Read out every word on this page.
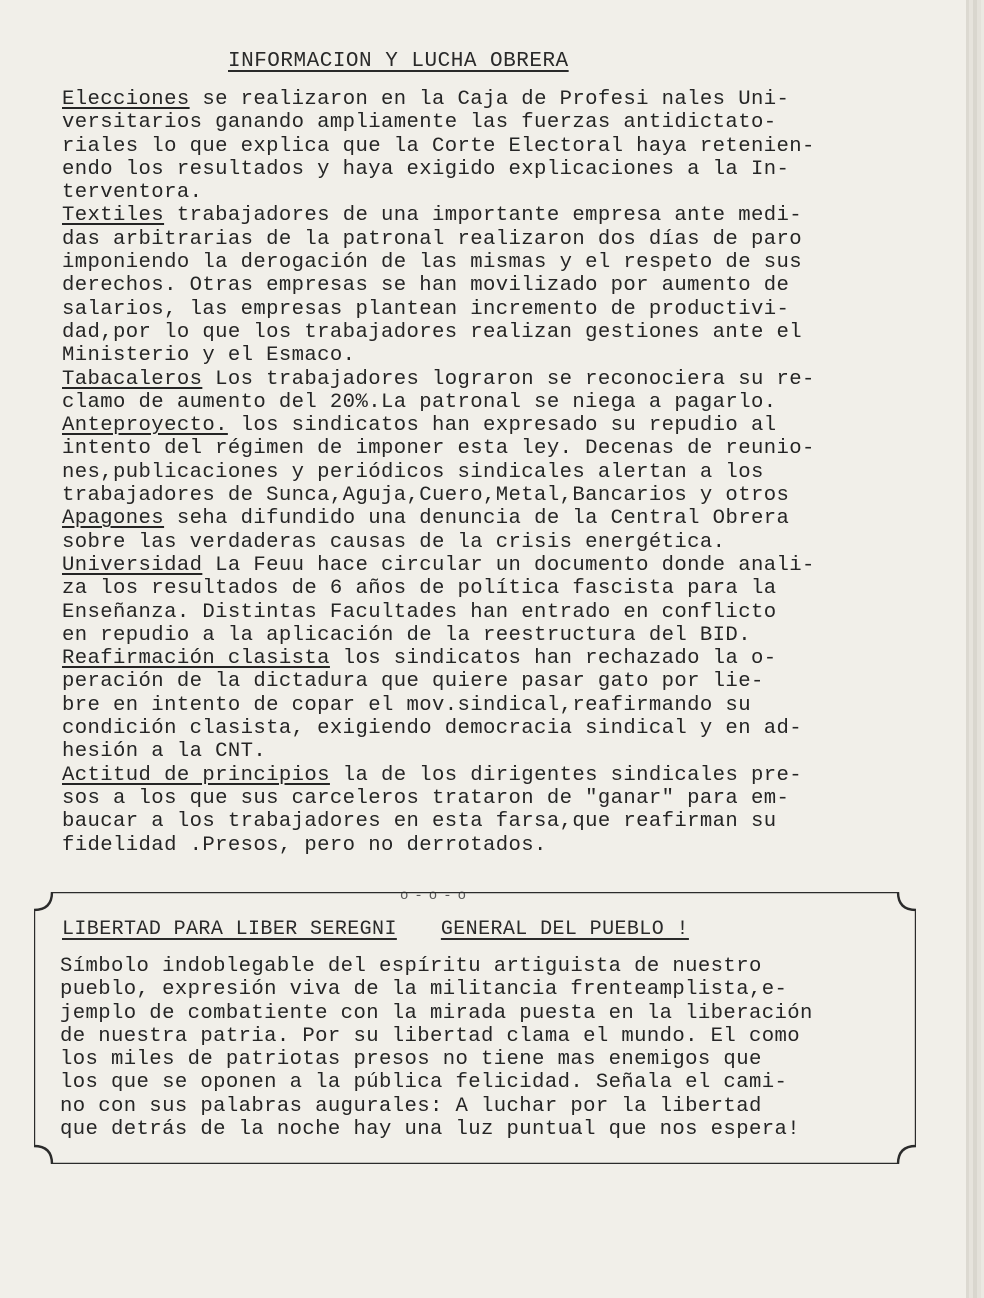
INFORMACION Y LUCHA OBRERA
Elecciones se realizaron en la Caja de Profesi nales Uni-
versitarios ganando ampliamente las fuerzas antidictato-
riales lo que explica que la Corte Electoral haya retenien-
endo los resultados y haya exigido explicaciones a la In-
terventora.
Textiles trabajadores de una importante empresa ante medi-
das arbitrarias de la patronal realizaron dos días de paro
imponiendo la derogación de las mismas y el respeto de sus
derechos. Otras empresas se han movilizado por aumento de
salarios, las empresas plantean incremento de productivi-
dad,por lo que los trabajadores realizan gestiones ante el
Ministerio y el Esmaco.
Tabacaleros Los trabajadores lograron se reconociera su re-
clamo de aumento del 20%.La patronal se niega a pagarlo.
Anteproyecto. los sindicatos han expresado su repudio al
intento del régimen de imponer esta ley. Decenas de reunio-
nes,publicaciones y periódicos sindicales alertan a los
trabajadores de Sunca,Aguja,Cuero,Metal,Bancarios y otros
Apagones seha difundido una denuncia de la Central Obrera
sobre las verdaderas causas de la crisis energética.
Universidad La Feuu hace circular un documento donde anali-
za los resultados de 6 años de política fascista para la
Enseñanza. Distintas Facultades han entrado en conflicto
en repudio a la aplicación de la reestructura del BID.
Reafirmación clasista los sindicatos han rechazado la o-
peración de la dictadura que quiere pasar gato por lie-
bre en intento de copar el mov.sindical,reafirmando su
condición clasista, exigiendo democracia sindical y en ad-
hesión a la CNT.
Actitud de principios la de los dirigentes sindicales pre-
sos a los que sus carceleros trataron de "ganar" para em-
baucar a los trabajadores en esta farsa,que reafirman su
fidelidad .Presos, pero no derrotados.
o-o-o
LIBERTAD PARA LIBER SEREGNI GENERAL DEL PUEBLO !
Símbolo indoblegable del espíritu artiguista de nuestro
pueblo, expresión viva de la militancia frenteamplista,e-
jemplo de combatiente con la mirada puesta en la liberación
de nuestra patria. Por su libertad clama el mundo. El como
los miles de patriotas presos no tiene mas enemigos que
los que se oponen a la pública felicidad. Señala el cami-
no con sus palabras augurales: A luchar por la libertad
que detrás de la noche hay una luz puntual que nos espera!
